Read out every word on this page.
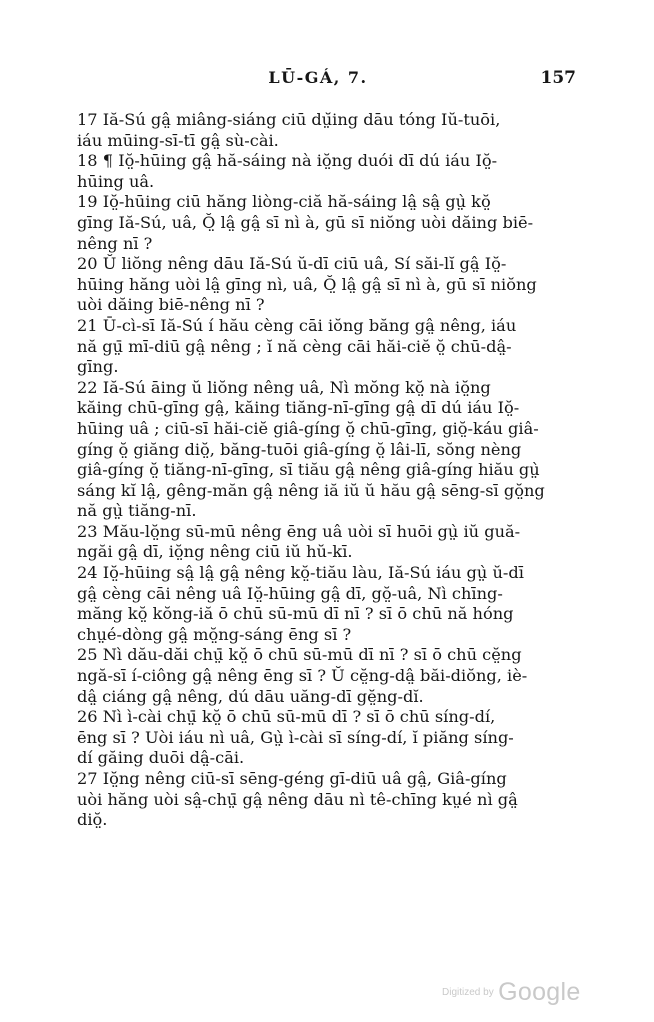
LŪ-GÁ, 7.	157
17 Iă-Sú gâ̤ miâng-siáng ciū dṳ̆ing dāu tóng Iŭ-tuōi,
iáu mūing-sī-tī gâ̤ sù-cài.
18 ¶ Iŏ̤-hūing gâ̤ hă-sáing nà iŏ̤ng duói dī dú iáu Iŏ̤-
hūing uâ.
19 Iŏ̤-hūing ciū hăng liòng-ciă hă-sáing lâ̤ sâ̤ gṳ̀ kŏ̤
gīng Iă-Sú, uâ, Ŏ̤ lâ̤ gâ̤ sī nì à, gū sī niŏng uòi dăing biē-
nêng nī ?
20 Ŭ liŏng nêng dāu Iă-Sú ŭ-dī ciū uâ, Sí săi-lĭ gâ̤ Iŏ̤-
hūing hăng uòi lâ̤ gīng nì, uâ, Ŏ̤ lâ̤ gâ̤ sī nì à, gū sī niŏng
uòi dăing biē-nêng nī ?
21 Ū-cì-sī Iă-Sú í hău cèng cāi iŏng băng gâ̤ nêng, iáu
nă gṳ̄ mī-diū gâ̤ nêng ; ĭ nă cèng cāi hăi-ciĕ ŏ̤ chū-dâ̤-
gīng.
22 Iă-Sú āing ŭ liŏng nêng uâ, Nì mŏng kŏ̤ nà iŏ̤ng
kăing chū-gīng gâ̤, kăing tiăng-nī-gīng gâ̤ dī dú iáu Iŏ̤-
hūing uâ ; ciū-sī hăi-ciĕ giâ-gíng ŏ̤ chū-gīng, giŏ̤-káu giâ-
gíng ŏ̤ giăng diŏ̤, băng-tuōi giâ-gíng ŏ̤ lâi-lī, sŏng nèng
giâ-gíng ŏ̤ tiăng-nī-gīng, sī tiău gâ̤ nêng giâ-gíng hiău gṳ̀
sáng kĭ lâ̤, gêng-măn gâ̤ nêng iă iŭ ŭ hău gâ̤ sēng-sī gŏ̤ng
nă gṳ̀ tiăng-nī.
23 Mău-lŏ̤ng sū-mū nêng ēng uâ uòi sī huōi gṳ̀ iŭ guă-
ngăi gâ̤ dī, iŏ̤ng nêng ciū iŭ hŭ-kī.
24 Iŏ̤-hūing sâ̤ lâ̤ gâ̤ nêng kŏ̤-tiău làu, Iă-Sú iáu gṳ̀ ŭ-dī
gâ̤ cèng cāi nêng uâ Iŏ̤-hūing gâ̤ dī, gŏ̤-uâ, Nì chīng-
măng kŏ̤ kŏng-iă ō chū sū-mū dī nī ? sī ō chū nă hóng
chṳé-dòng gâ̤ mŏ̤ng-sáng ēng sī ?
25 Nì dău-dăi chṳ̄ kŏ̤ ō chū sū-mū dī nī ? sī ō chū cĕ̤ng
ngă-sī í-ciông gâ̤ nêng ēng sī ? Ŭ cĕ̤ng-dâ̤ băi-diŏng, iè-
dâ̤ ciáng gâ̤ nêng, dú dāu uăng-dī gĕ̤ng-dĭ.
26 Nì ì-cài chṳ̄ kŏ̤ ō chū sū-mū dī ? sī ō chū síng-dí,
ēng sī ? Uòi iáu nì uâ, Gṳ̀ ì-cài sī síng-dí, ĭ piăng síng-
dí găing duōi dâ̤-cāi.
27 Iŏ̤ng nêng ciū-sī sēng-géng gī-diū uâ gâ̤, Giâ-gíng
uòi hăng uòi sâ̤-chṳ̄ gâ̤ nêng dāu nì tê-chīng kṳé nì gâ̤
diŏ̤.
Digitized by Google
